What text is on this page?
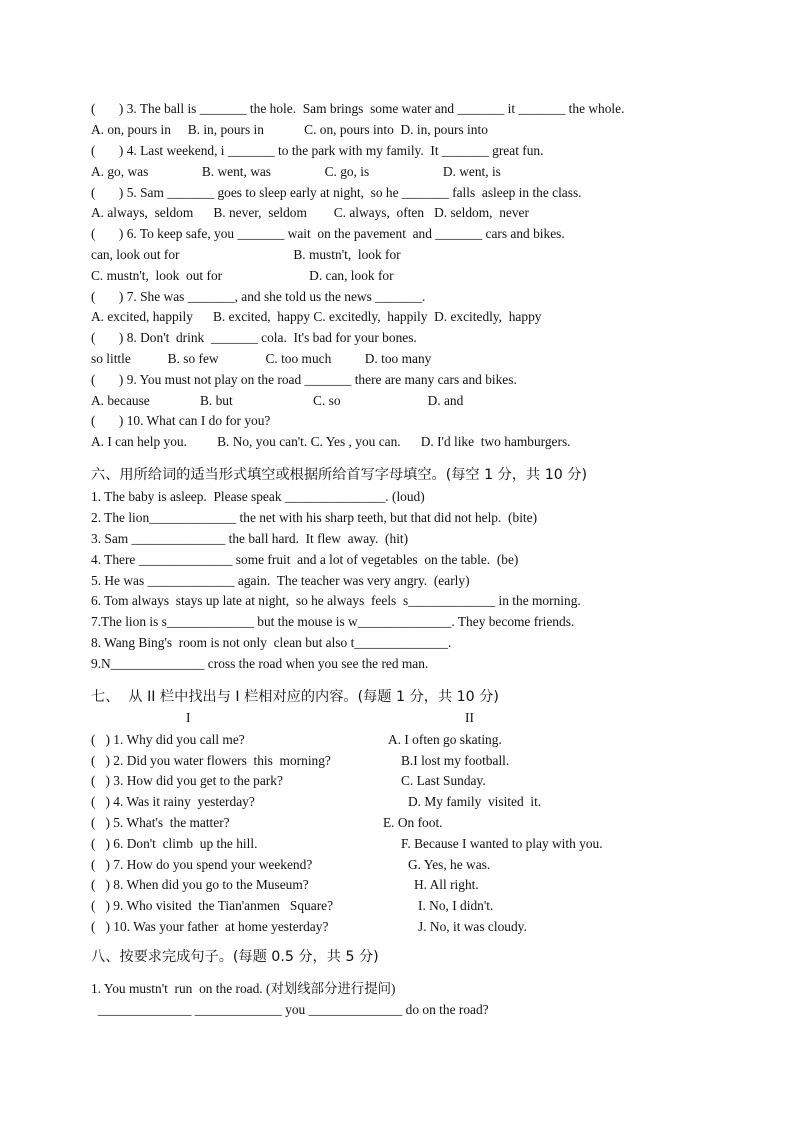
(       ) 3. The ball is _______ the hole.  Sam brings  some water and _______ it _______ the whole.
A. on, pours in     B. in, pours in            C. on, pours into  D. in, pours into
(       ) 4. Last weekend, i _______ to the park with my family.  It _______ great fun.
A. go, was                B. went, was                C. go, is                      D. went, is
(       ) 5. Sam _______ goes to sleep early at night,  so he _______ falls  asleep in the class.
A. always,  seldom      B. never,  seldom        C. always,  often   D. seldom,  never
(       ) 6. To keep safe, you _______ wait  on the pavement  and _______ cars and bikes.
can, look out for                                  B. mustn't,  look for
C. mustn't,  look  out for                          D. can, look for
(       ) 7. She was _______, and she told us the news _______.
A. excited, happily      B. excited,  happy C. excitedly,  happily  D. excitedly,  happy
(       ) 8. Don't  drink  _______ cola.  It's bad for your bones.
so little           B. so few              C. too much          D. too many
(       ) 9. You must not play on the road _______ there are many cars and bikes.
A. because               B. but                        C. so                          D. and
(       ) 10. What can I do for you?
A. I can help you.         B. No, you can't. C. Yes , you can.      D. I'd like  two hamburgers.
六、用所给词的适当形式填空或根据所给首写字母填空。(每空 1 分，共 10 分)
1. The baby is asleep.  Please speak _______________. (loud)
2. The lion_____________ the net with his sharp teeth, but that did not help.  (bite)
3. Sam ______________ the ball hard.  It flew  away.  (hit)
4. There ______________ some fruit  and a lot of vegetables  on the table.  (be)
5. He was _____________ again.  The teacher was very angry.  (early)
6. Tom always  stays up late at night,  so he always  feels  s_____________ in the morning.
7.The lion is s_____________ but the mouse is w______________. They become friends.
8. Wang Bing's  room is not only  clean but also t______________.
9.N______________ cross the road when you see the red man.
七、  从 II 栏中找出与 I 栏相对应的内容。(每题 1 分，共 10 分)
I	II
(   ) 1. Why did you call me?
(   ) 2. Did you water flowers  this  morning?
(   ) 3. How did you get to the park?
(   ) 4. Was it rainy  yesterday?
(   ) 5. What's  the matter?
(   ) 6. Don't  climb  up the hill.
(   ) 7. How do you spend your weekend?
(   ) 8. When did you go to the Museum?
(   ) 9. Who visited  the Tian'anmen   Square?
(   ) 10. Was your father  at home yesterday?
A. I often go skating.
B.I lost my football.
C. Last Sunday.
D. My family  visited  it.
E. On foot.
F. Because I wanted to play with you.
G. Yes, he was.
H. All right.
I. No, I didn't.
J. No, it was cloudy.
八、按要求完成句子。(每题 0.5 分，共 5 分)
1. You mustn't  run  on the road. (对划线部分进行提问)
______________ _____________ you ______________ do on the road?
